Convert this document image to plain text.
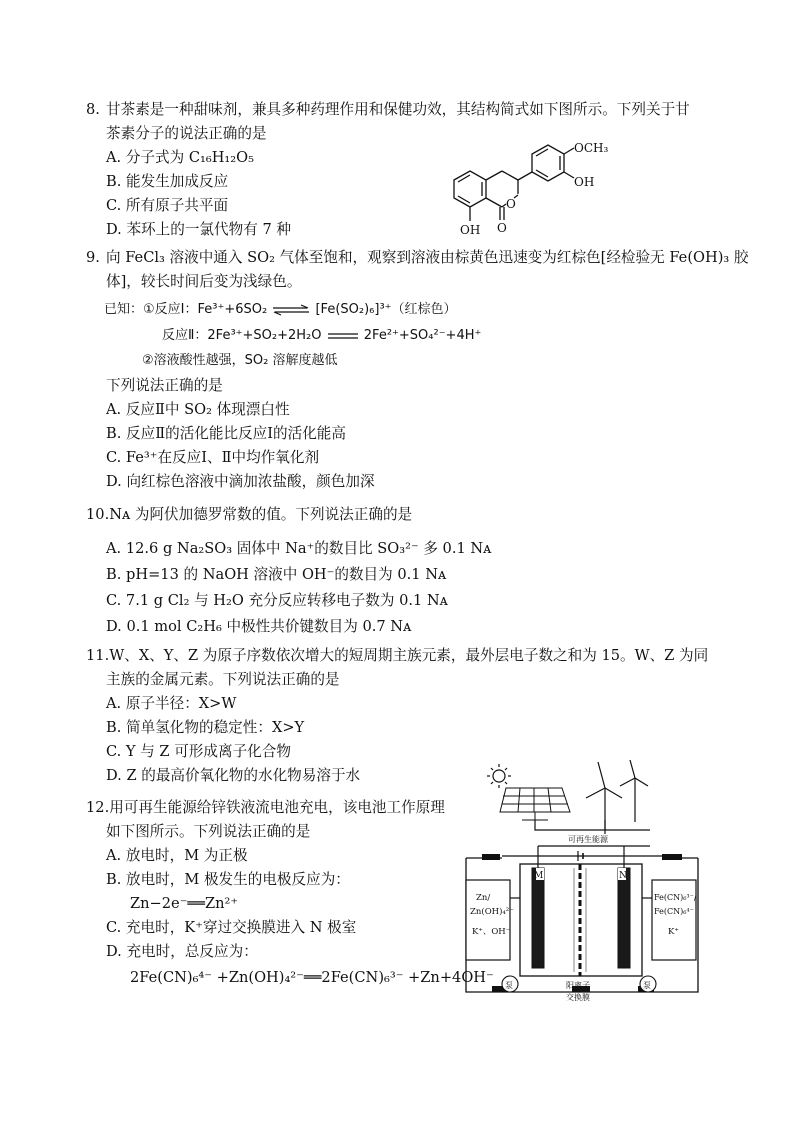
8. 甘茶素是一种甜味剂，兼具多种药理作用和保健功效，其结构简式如下图所示。下列关于甘
茶素分子的说法正确的是
A. 分子式为 C₁₆H₁₂O₅
B. 能发生加成反应
C. 所有原子共平面
D. 苯环上的一氯代物有 7 种
OCH₃
OH
O
O
OH
9. 向 FeCl₃ 溶液中通入 SO₂ 气体至饱和，观察到溶液由棕黄色迅速变为红棕色[经检验无 Fe(OH)₃ 胶
体]，较长时间后变为浅绿色。
已知：①反应Ⅰ：Fe³⁺+6SO₂ ⇌ [Fe(SO₂)₆]³⁺（红棕色）
反应Ⅱ：2Fe³⁺+SO₂+2H₂O	2Fe²⁺+SO₄²⁻+4H⁺
②溶液酸性越强，SO₂ 溶解度越低
下列说法正确的是
A. 反应Ⅱ中 SO₂ 体现漂白性
B. 反应Ⅱ的活化能比反应Ⅰ的活化能高
C. Fe³⁺在反应Ⅰ、Ⅱ中均作氧化剂
D. 向红棕色溶液中滴加浓盐酸，颜色加深
10.Nᴀ 为阿伏加德罗常数的值。下列说法正确的是
A. 12.6 g Na₂SO₃ 固体中 Na⁺的数目比 SO₃²⁻ 多 0.1 Nᴀ
B. pH=13 的 NaOH 溶液中 OH⁻的数目为 0.1 Nᴀ
C. 7.1 g Cl₂ 与 H₂O 充分反应转移电子数为 0.1 Nᴀ
D. 0.1 mol C₂H₆ 中极性共价键数目为 0.7 Nᴀ
11.W、X、Y、Z 为原子序数依次增大的短周期主族元素，最外层电子数之和为 15。W、Z 为同
主族的金属元素。下列说法正确的是
A. 原子半径：X>W
B. 简单氢化物的稳定性：X>Y
C. Y 与 Z 可形成离子化合物
D. Z 的最高价氧化物的水化物易溶于水
12.用可再生能源给锌铁液流电池充电，该电池工作原理
如下图所示。下列说法正确的是
A. 放电时，M 为正极
B. 放电时，M 极发生的电极反应为：
Zn−2e⁻══Zn²⁺
C. 充电时，K⁺穿过交换膜进入 N 极室
D. 充电时，总反应为：
2Fe(CN)₆⁴⁻ +Zn(OH)₄²⁻══2Fe(CN)₆³⁻ +Zn+4OH⁻
可再生能源
Zn/
Zn(OH)₄²⁻
K⁺、OH⁻
Fe(CN)₆³⁻/
Fe(CN)₆⁴⁻
K⁺
M	N
阳离子
交换膜
泵	泵
